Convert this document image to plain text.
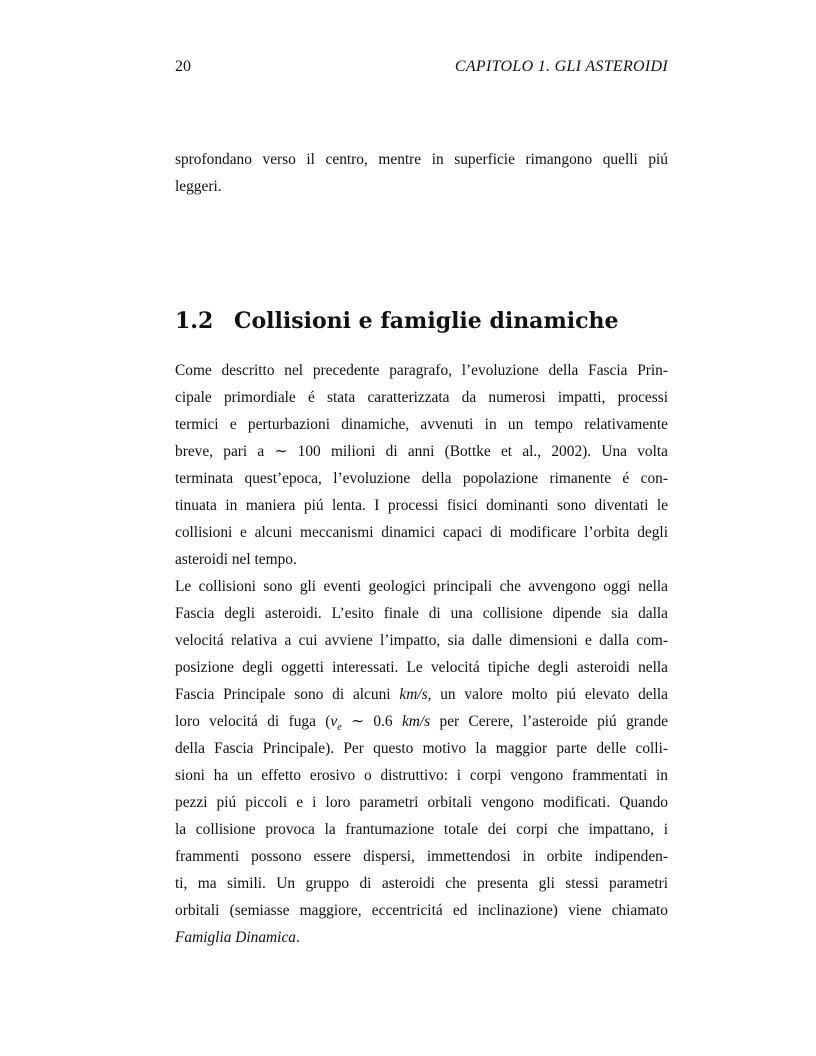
20	CAPITOLO 1. GLI ASTEROIDI
sprofondano verso il centro, mentre in superficie rimangono quelli piú
leggeri.
1.2 Collisioni e famiglie dinamiche
Come descritto nel precedente paragrafo, l’evoluzione della Fascia Prin-
cipale primordiale é stata caratterizzata da numerosi impatti, processi
termici e perturbazioni dinamiche, avvenuti in un tempo relativamente
breve, pari a ∼ 100 milioni di anni (Bottke et al., 2002). Una volta
terminata quest’epoca, l’evoluzione della popolazione rimanente é con-
tinuata in maniera piú lenta. I processi fisici dominanti sono diventati le
collisioni e alcuni meccanismi dinamici capaci di modificare l’orbita degli
asteroidi nel tempo.
Le collisioni sono gli eventi geologici principali che avvengono oggi nella
Fascia degli asteroidi. L’esito finale di una collisione dipende sia dalla
velocitá relativa a cui avviene l’impatto, sia dalle dimensioni e dalla com-
posizione degli oggetti interessati. Le velocitá tipiche degli asteroidi nella
Fascia Principale sono di alcuni km/s, un valore molto piú elevato della
loro velocitá di fuga ($v_e$ ∼ 0.6 km/s per Cerere, l’asteroide piú grande
della Fascia Principale). Per questo motivo la maggior parte delle colli-
sioni ha un effetto erosivo o distruttivo: i corpi vengono frammentati in
pezzi piú piccoli e i loro parametri orbitali vengono modificati. Quando
la collisione provoca la frantumazione totale dei corpi che impattano, i
frammenti possono essere dispersi, immettendosi in orbite indipenden-
ti, ma simili. Un gruppo di asteroidi che presenta gli stessi parametri
orbitali (semiasse maggiore, eccentricitá ed inclinazione) viene chiamato
Famiglia Dinamica.
